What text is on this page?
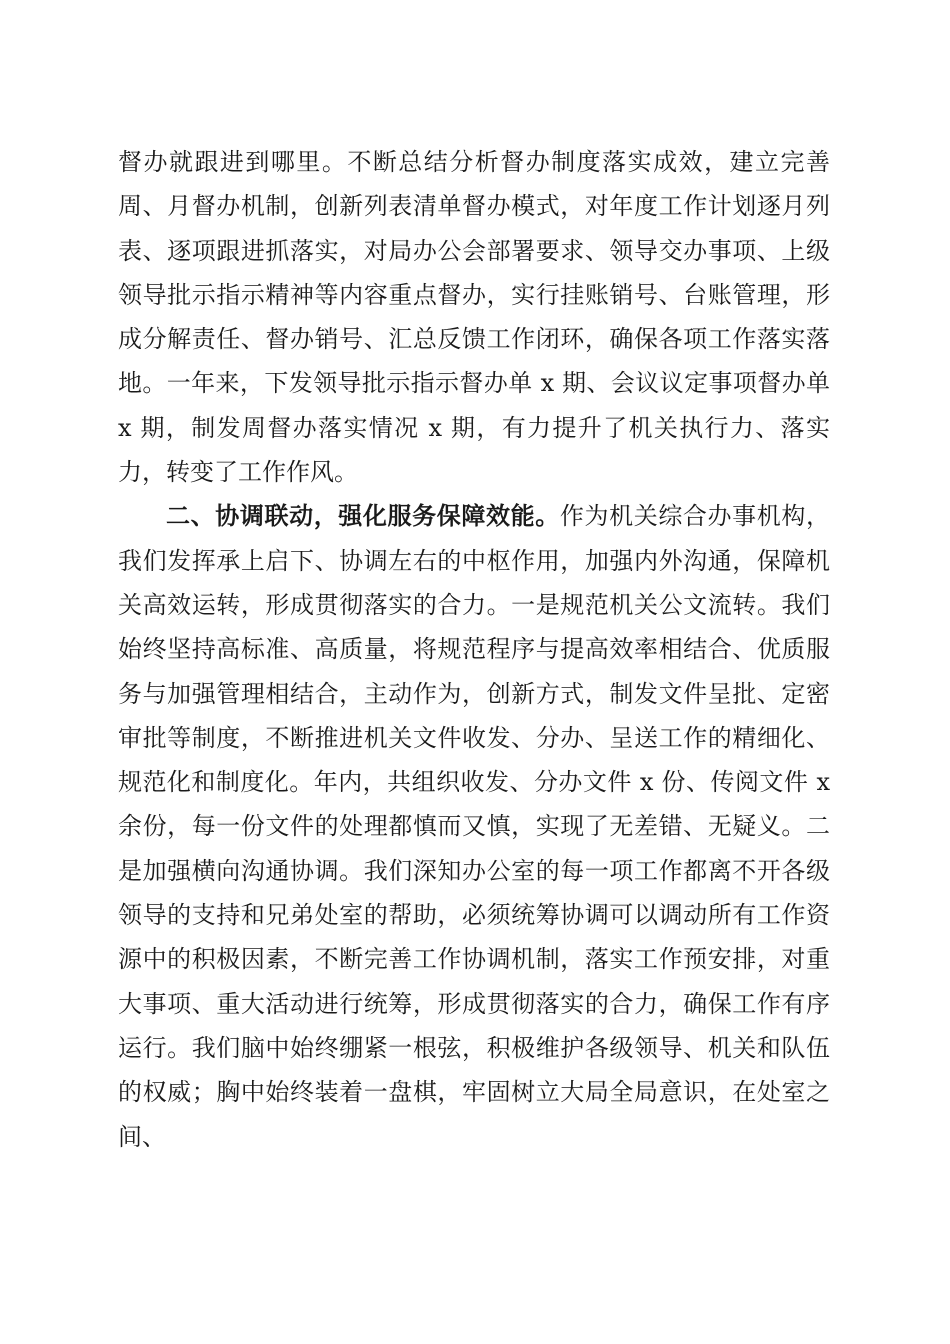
督办就跟进到哪里。不断总结分析督办制度落实成效，建立完善周、月督办机制，创新列表清单督办模式，对年度工作计划逐月列表、逐项跟进抓落实，对局办公会部署要求、领导交办事项、上级领导批示指示精神等内容重点督办，实行挂账销号、台账管理，形成分解责任、督办销号、汇总反馈工作闭环，确保各项工作落实落地。一年来，下发领导批示指示督办单 x 期、会议议定事项督办单 x 期，制发周督办落实情况 x 期，有力提升了机关执行力、落实力，转变了工作作风。

二、协调联动，强化服务保障效能。作为机关综合办事机构，我们发挥承上启下、协调左右的中枢作用，加强内外沟通，保障机关高效运转，形成贯彻落实的合力。一是规范机关公文流转。我们始终坚持高标准、高质量，将规范程序与提高效率相结合、优质服务与加强管理相结合，主动作为，创新方式，制发文件呈批、定密审批等制度，不断推进机关文件收发、分办、呈送工作的精细化、规范化和制度化。年内，共组织收发、分办文件 x 份、传阅文件 x 余份，每一份文件的处理都慎而又慎，实现了无差错、无疑义。二是加强横向沟通协调。我们深知办公室的每一项工作都离不开各级领导的支持和兄弟处室的帮助，必须统筹协调可以调动所有工作资源中的积极因素，不断完善工作协调机制，落实工作预安排，对重大事项、重大活动进行统筹，形成贯彻落实的合力，确保工作有序运行。我们脑中始终绷紧一根弦，积极维护各级领导、机关和队伍的权威；胸中始终装着一盘棋，牢固树立大局全局意识，在处室之间、
